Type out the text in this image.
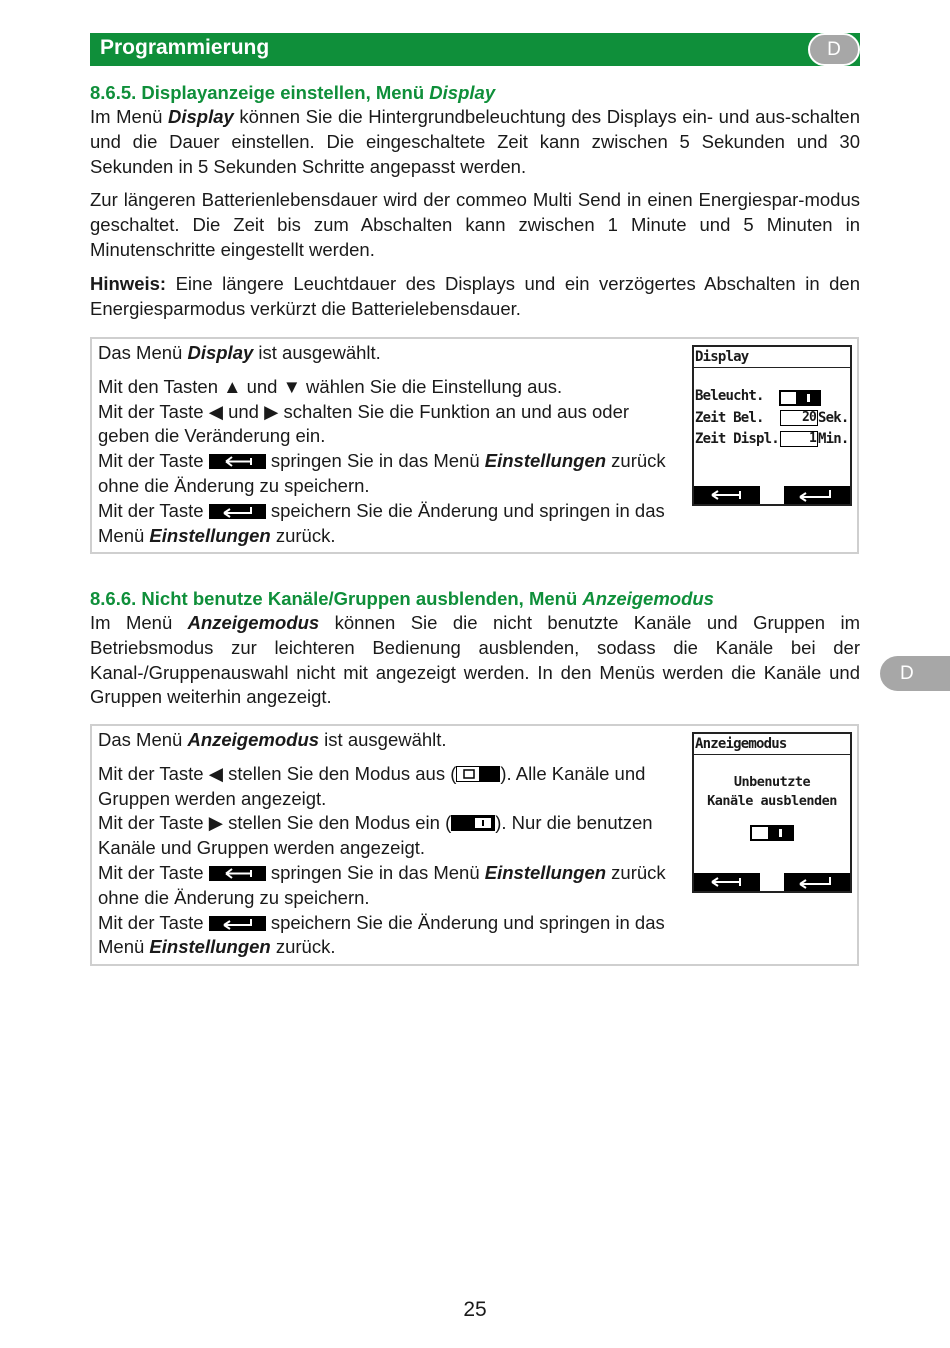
Programmierung	D
D
8.6.5. Displayanzeige einstellen, Menü Display

Im Menü Display können Sie die Hintergrundbeleuchtung des Displays ein- und aus-schalten und die Dauer einstellen. Die eingeschaltete Zeit kann zwischen 5 Sekunden und 30 Sekunden in 5 Sekunden Schritte angepasst werden.

Zur längeren Batterienlebensdauer wird der commeo Multi Send in einen Energiespar-modus geschaltet. Die Zeit bis zum Abschalten kann zwischen 1 Minute und 5 Minuten in Minutenschritte eingestellt werden.

Hinweis: Eine längere Leuchtdauer des Displays und ein verzögertes Abschalten in den Energiesparmodus verkürzt die Batterielebensdauer.

Das Menü Display ist ausgewählt.

Mit den Tasten ▲ und ▼ wählen Sie die Einstellung aus.

Mit der Taste ◀ und ▶ schalten Sie die Funktion an und aus oder geben die Veränderung ein.

Mit der Taste	springen Sie in das Menü Einstellungen zurück ohne die Änderung zu speichern.

Mit der Taste	speichern Sie die Änderung und springen in das Menü Einstellungen zurück.

Display
Beleucht.
Zeit Bel.	20 Sek.
Zeit Displ.	1 Min.
8.6.6. Nicht benutze Kanäle/Gruppen ausblenden, Menü Anzeigemodus

Im Menü Anzeigemodus können Sie die nicht benutzte Kanäle und Gruppen im Betriebsmodus zur leichteren Bedienung ausblenden, sodass die Kanäle bei der Kanal-/Gruppenauswahl nicht mit angezeigt werden. In den Menüs werden die Kanäle und Gruppen weiterhin angezeigt.

Das Menü Anzeigemodus ist ausgewählt.

Mit der Taste ◀ stellen Sie den Modus aus ( ). Alle Kanäle und Gruppen werden angezeigt.

Mit der Taste ▶ stellen Sie den Modus ein ( ). Nur die benutzen Kanäle und Gruppen werden angezeigt.

Mit der Taste	springen Sie in das Menü Einstellungen zurück ohne die Änderung zu speichern.

Mit der Taste	speichern Sie die Änderung und springen in das Menü Einstellungen zurück.

Anzeigemodus
Unbenutzte
Kanäle ausblenden
25
